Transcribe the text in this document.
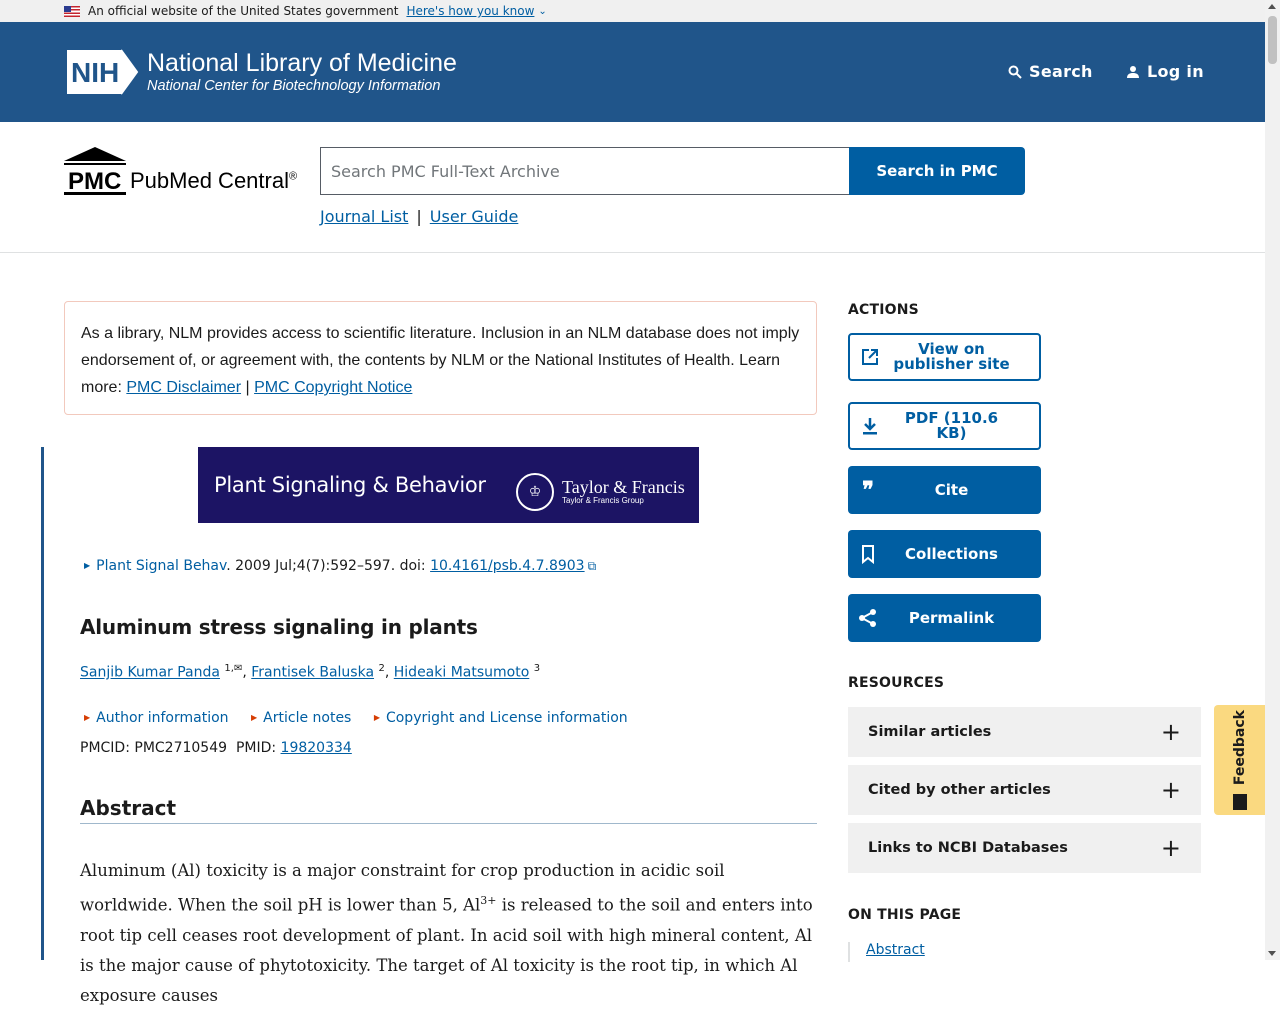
An official website of the United States government Here's how you know ⌄
NIH National Library of Medicine
National Center for Biotechnology Information
Search	Log in
PMC PubMed Central®	Search PMC Full-Text Archive	Search in PMC
Journal List | User Guide
As a library, NLM provides access to scientific literature. Inclusion in an NLM database does not imply endorsement of, or agreement with, the contents by NLM or the National Institutes of Health. Learn more: PMC Disclaimer | PMC Copyright Notice
Plant Signaling & Behavior	♔	Taylor & Francis
Taylor & Francis Group
▶ Plant Signal Behav. 2009 Jul;4(7):592–597. doi: 10.4161/psb.4.7.8903 ⧉
Aluminum stress signaling in plants
Sanjib Kumar Panda $^{1,✉}$, Frantisek Baluska $^2$, Hideaki Matsumoto $^3$
▶ Author information	▶ Article notes	▶ Copyright and License information
PMCID: PMC2710549 PMID: 19820334
Abstract
Aluminum (Al) toxicity is a major constraint for crop production in acidic soil worldwide. When the soil pH is lower than 5, $Al^{3+}$ is released to the soil and enters into root tip cell ceases root development of plant. In acid soil with high mineral content, Al is the major cause of phytotoxicity. The target of Al toxicity is the root tip, in which Al exposure causes
ACTIONS
View on publisher site
PDF (110.6 KB)
❞	Cite
Collections
Permalink
RESOURCES
Similar articles	+
Cited by other articles	+
Links to NCBI Databases	+
ON THIS PAGE
Abstract
Feedback
